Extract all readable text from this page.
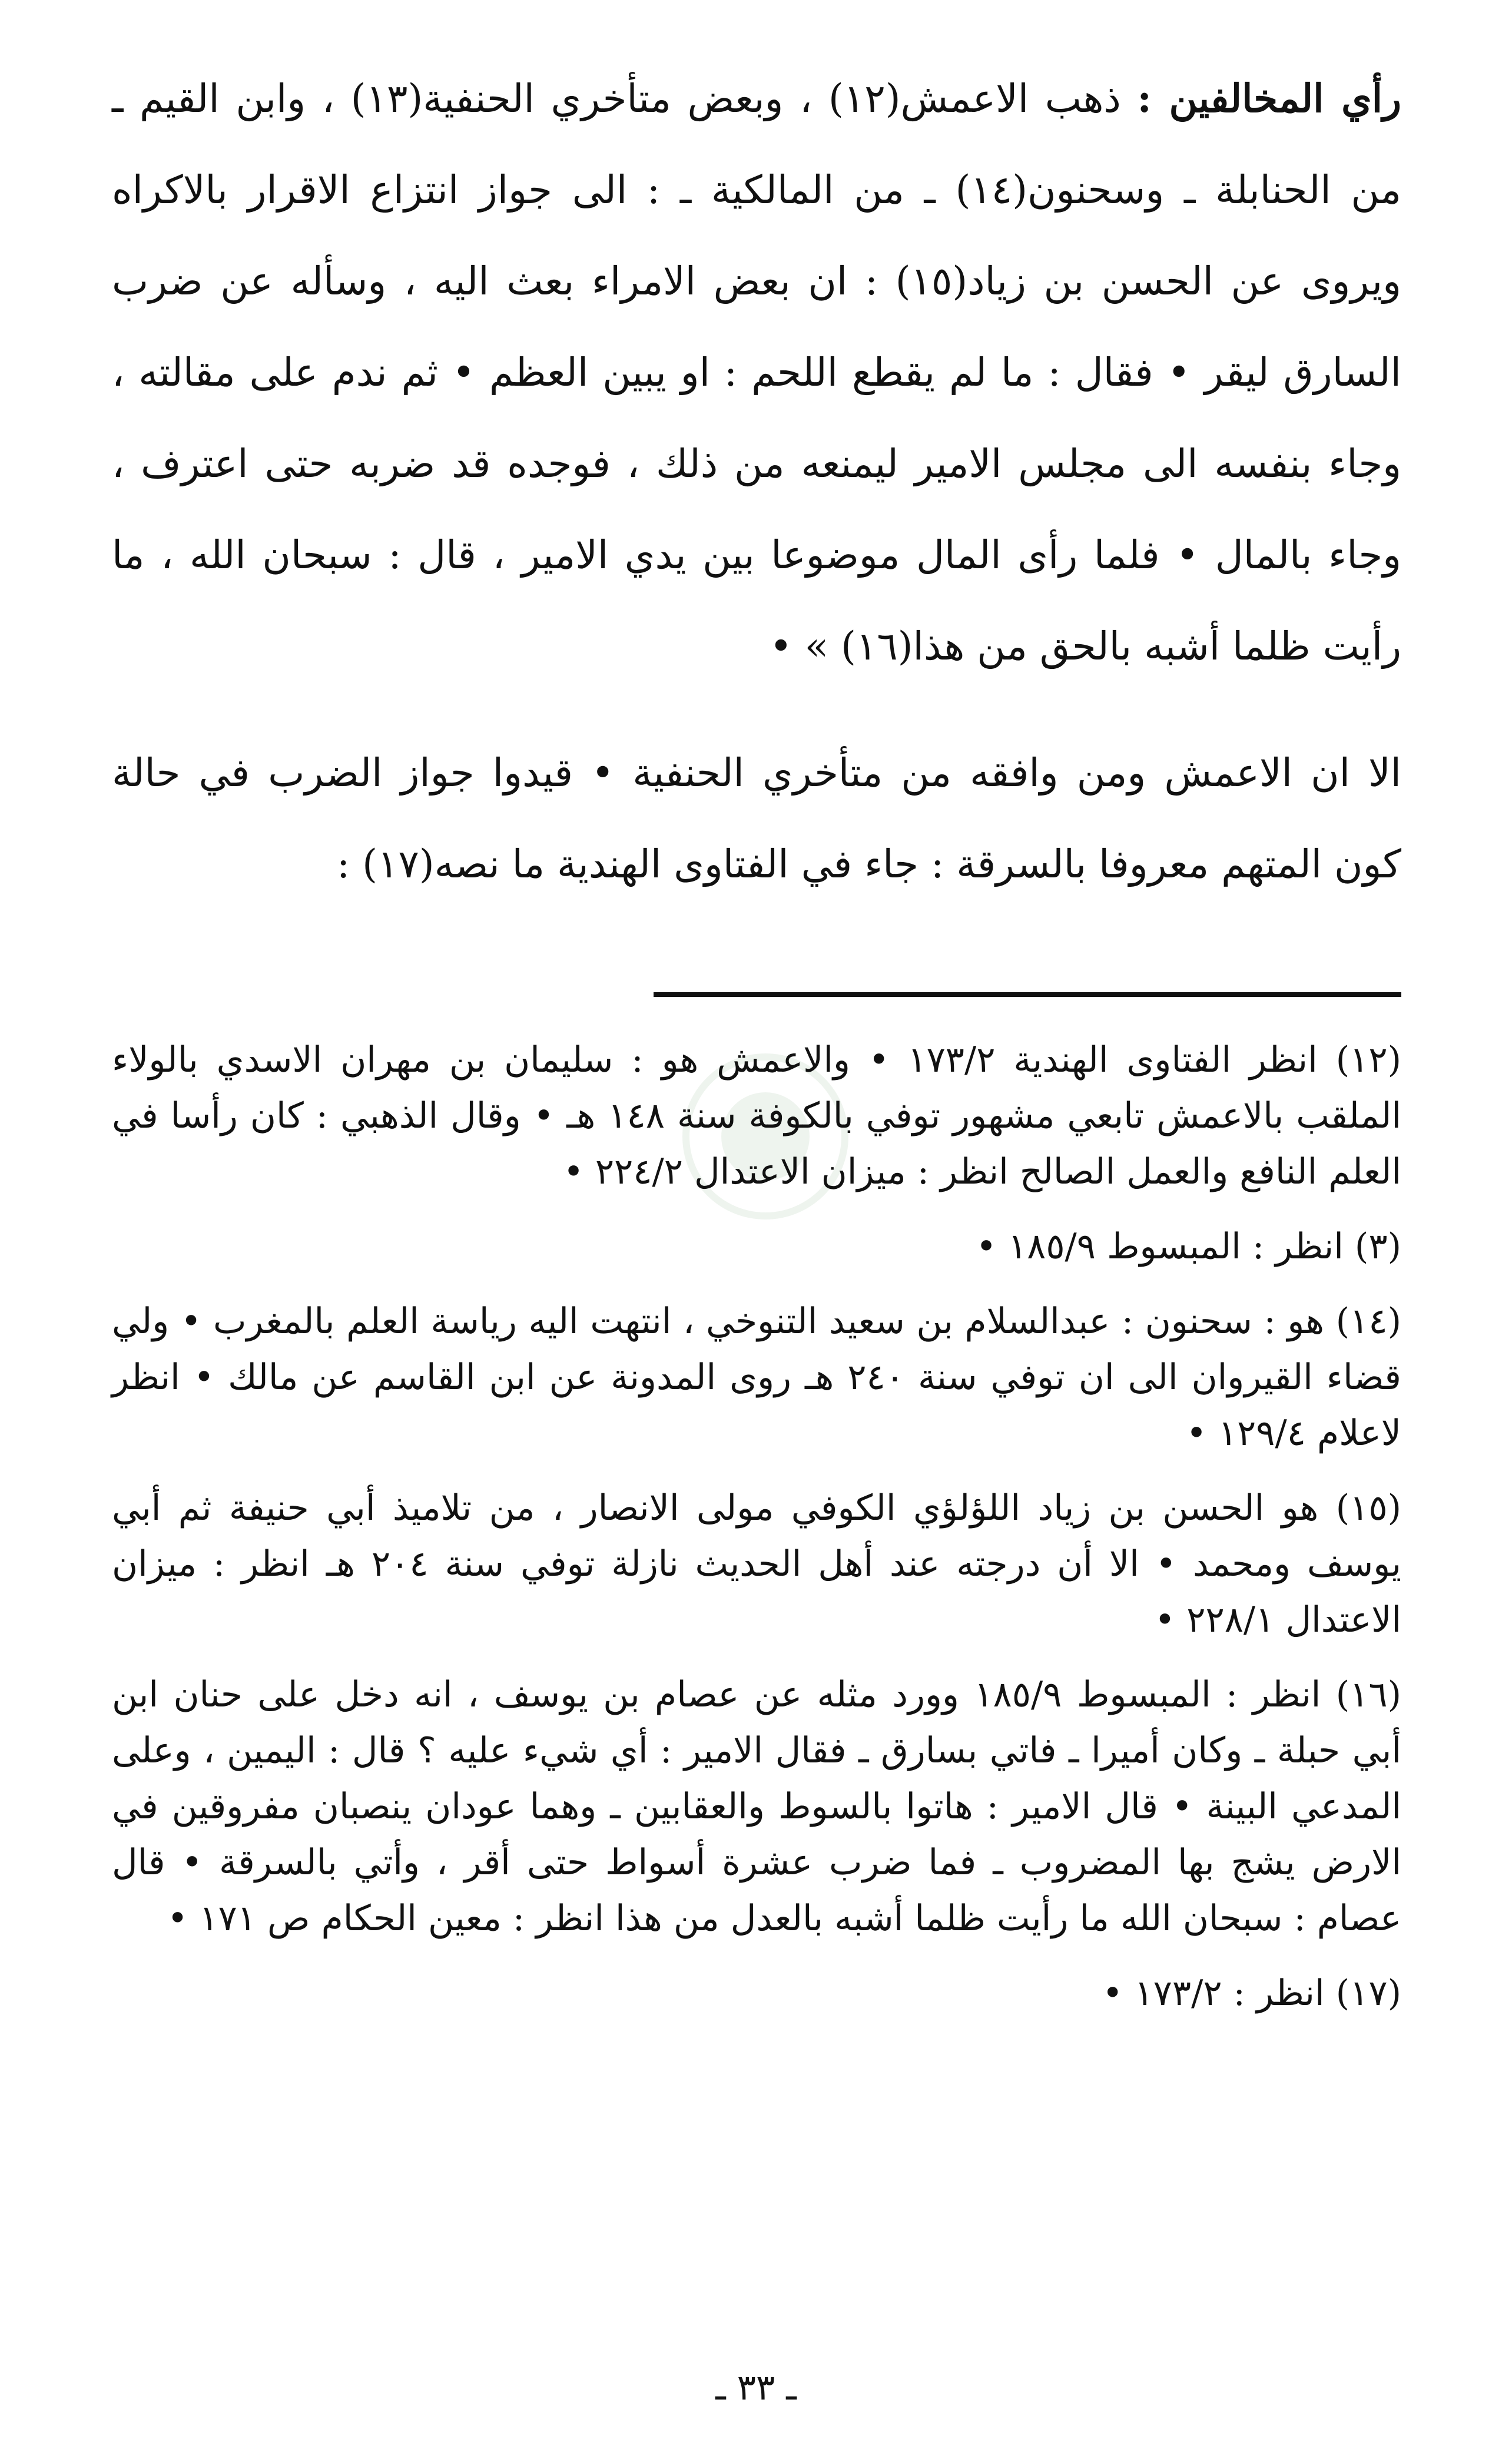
رأي المخالفين : ذهب الاعمش(١٢) ، وبعض متأخري الحنفية(١٣) ، وابن القيم ـ من الحنابلة ـ وسحنون(١٤) ـ من المالكية ـ : الى جواز انتزاع الاقرار بالاكراه ويروى عن الحسن بن زياد(١٥) : ان بعض الامراء بعث اليه ، وسأله عن ضرب السارق ليقر • فقال : ما لم يقطع اللحم : او يبين العظم • ثم ندم على مقالته ، وجاء بنفسه الى مجلس الامير ليمنعه من ذلك ، فوجده قد ضربه حتى اعترف ، وجاء بالمال • فلما رأى المال موضوعا بين يدي الامير ، قال : سبحان الله ، ما رأيت ظلما أشبه بالحق من هذا(١٦) » •

الا ان الاعمش ومن وافقه من متأخري الحنفية • قيدوا جواز الضرب في حالة كون المتهم معروفا بالسرقة : جاء في الفتاوى الهندية ما نصه(١٧) :

(١٢) انظر الفتاوى الهندية ١٧٣/٢ • والاعمش هو : سليمان بن مهران الاسدي بالولاء الملقب بالاعمش تابعي مشهور توفي بالكوفة سنة ١٤٨ هـ • وقال الذهبي : كان رأسا في العلم النافع والعمل الصالح انظر : ميزان الاعتدال ٢٢٤/٢ •

(٣) انظر : المبسوط ١٨٥/٩ •

(١٤) هو : سحنون : عبدالسلام بن سعيد التنوخي ، انتهت اليه رياسة العلم بالمغرب • ولي قضاء القيروان الى ان توفي سنة ٢٤٠ هـ روى المدونة عن ابن القاسم عن مالك • انظر لاعلام ١٢٩/٤ •

(١٥) هو الحسن بن زياد اللؤلؤي الكوفي مولى الانصار ، من تلاميذ أبي حنيفة ثم أبي يوسف ومحمد • الا أن درجته عند أهل الحديث نازلة توفي سنة ٢٠٤ هـ انظر : ميزان الاعتدال ٢٢٨/١ •

(١٦) انظر : المبسوط ١٨٥/٩ وورد مثله عن عصام بن يوسف ، انه دخل على حنان ابن أبي حبلة ـ وكان أميرا ـ فاتي بسارق ـ فقال الامير : أي شيء عليه ؟ قال : اليمين ، وعلى المدعي البينة • قال الامير : هاتوا بالسوط والعقابين ـ وهما عودان ينصبان مفروقين في الارض يشج بها المضروب ـ فما ضرب عشرة أسواط حتى أقر ، وأتي بالسرقة • قال عصام : سبحان الله ما رأيت ظلما أشبه بالعدل من هذا انظر : معين الحكام ص ١٧١ •

(١٧) انظر : ١٧٣/٢ •

ـ ٣٣ ـ
